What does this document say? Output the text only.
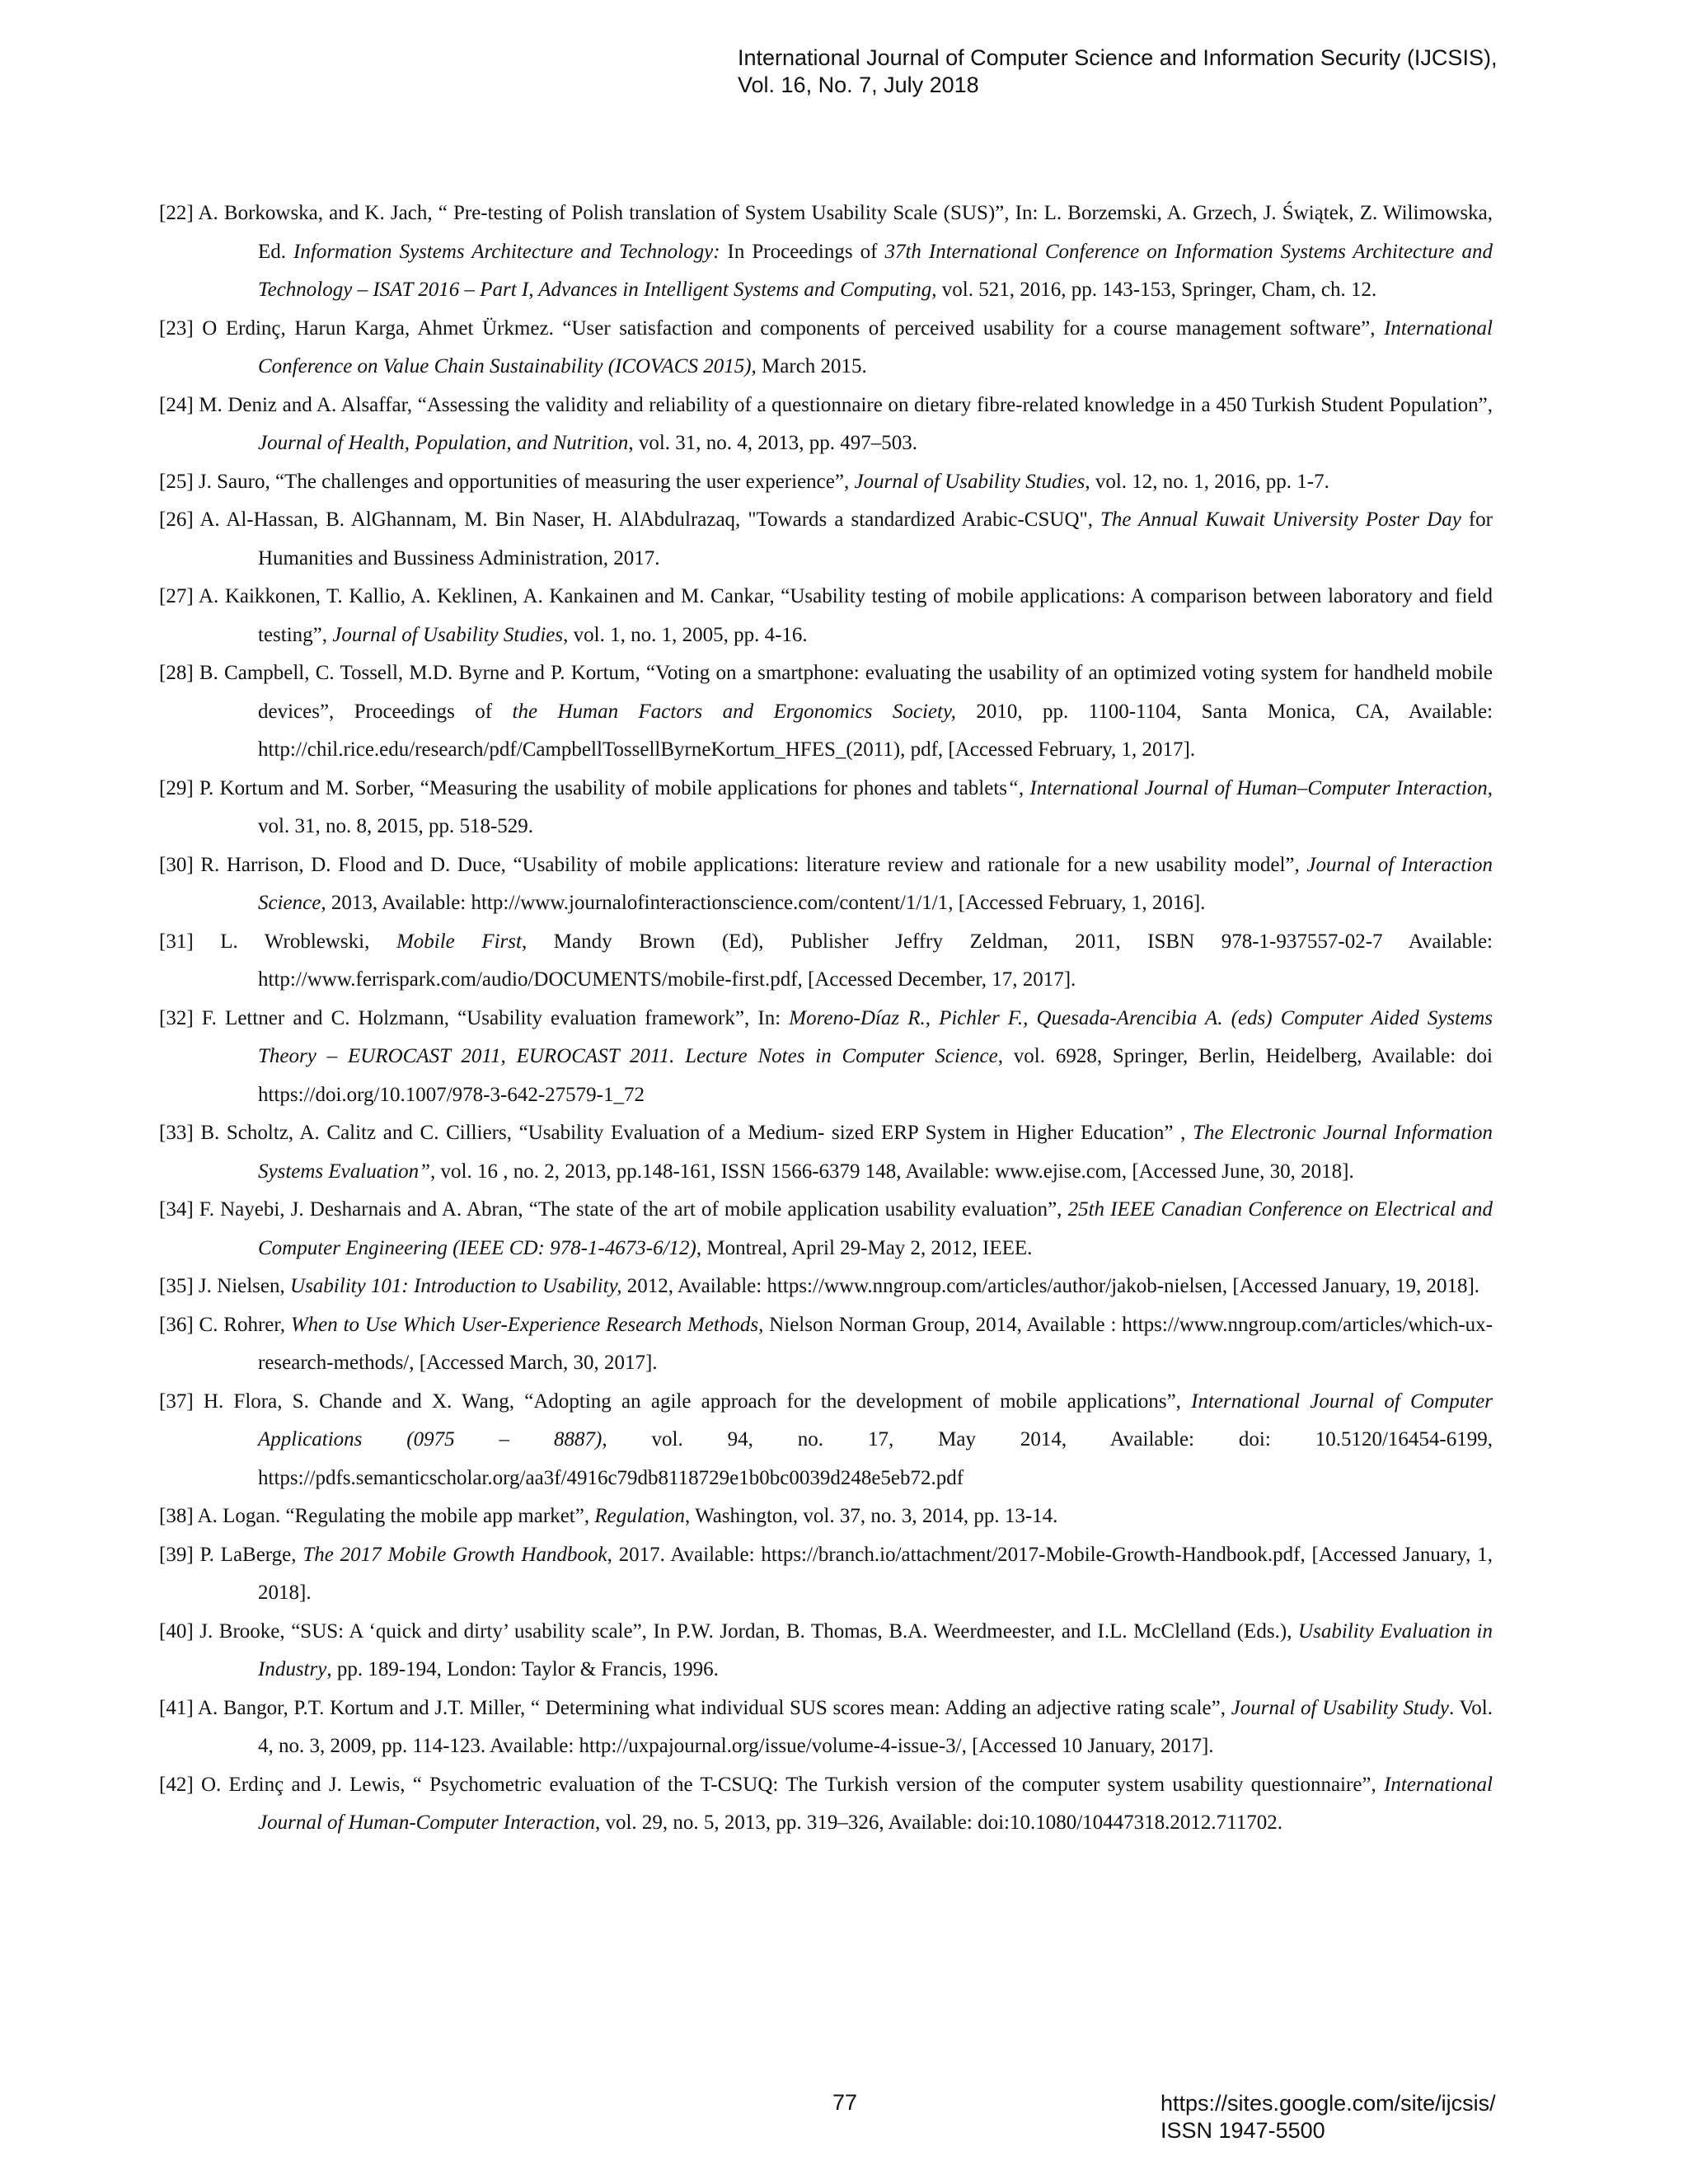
International Journal of Computer Science and Information Security (IJCSIS),
Vol. 16, No. 7, July 2018
[22] A. Borkowska, and K. Jach, “ Pre-testing of Polish translation of System Usability Scale (SUS)”, In: L. Borzemski, A. Grzech, J. Świątek, Z. Wilimowska, Ed. Information Systems Architecture and Technology: In Proceedings of 37th International Conference on Information Systems Architecture and Technology – ISAT 2016 – Part I, Advances in Intelligent Systems and Computing, vol. 521, 2016, pp. 143-153, Springer, Cham, ch. 12.
[23] O Erdinç, Harun Karga, Ahmet Ürkmez. “User satisfaction and components of perceived usability for a course management software”, International Conference on Value Chain Sustainability (ICOVACS 2015), March 2015.
[24] M. Deniz and A. Alsaffar, “Assessing the validity and reliability of a questionnaire on dietary fibre-related knowledge in a 450 Turkish Student Population”, Journal of Health, Population, and Nutrition, vol. 31, no. 4, 2013, pp. 497–503.
[25] J. Sauro, “The challenges and opportunities of measuring the user experience”, Journal of Usability Studies, vol. 12, no. 1, 2016, pp. 1-7.
[26] A. Al-Hassan, B. AlGhannam, M. Bin Naser, H. AlAbdulrazaq, "Towards a standardized Arabic-CSUQ", The Annual Kuwait University Poster Day for Humanities and Bussiness Administration, 2017.
[27] A. Kaikkonen, T. Kallio, A. Keklinen, A. Kankainen and M. Cankar, “Usability testing of mobile applications: A comparison between laboratory and field testing”, Journal of Usability Studies, vol. 1, no. 1, 2005, pp. 4-16.
[28] B. Campbell, C. Tossell, M.D. Byrne and P. Kortum, “Voting on a smartphone: evaluating the usability of an optimized voting system for handheld mobile devices”, Proceedings of the Human Factors and Ergonomics Society, 2010, pp. 1100-1104, Santa Monica, CA, Available: http://chil.rice.edu/research/pdf/CampbellTossellByrneKortum_HFES_(2011), pdf, [Accessed February, 1, 2017].
[29] P. Kortum and M. Sorber, “Measuring the usability of mobile applications for phones and tablets“, International Journal of Human–Computer Interaction, vol. 31, no. 8, 2015, pp. 518-529.
[30] R. Harrison, D. Flood and D. Duce, “Usability of mobile applications: literature review and rationale for a new usability model”, Journal of Interaction Science, 2013, Available: http://www.journalofinteractionscience.com/content/1/1/1, [Accessed February, 1, 2016].
[31] L. Wroblewski, Mobile First, Mandy Brown (Ed), Publisher Jeffry Zeldman, 2011, ISBN 978-1-937557-02-7 Available: http://www.ferrispark.com/audio/DOCUMENTS/mobile-first.pdf, [Accessed December, 17, 2017].
[32] F. Lettner and C. Holzmann, “Usability evaluation framework”, In: Moreno-Díaz R., Pichler F., Quesada-Arencibia A. (eds) Computer Aided Systems Theory – EUROCAST 2011, EUROCAST 2011. Lecture Notes in Computer Science, vol. 6928, Springer, Berlin, Heidelberg, Available: doi https://doi.org/10.1007/978-3-642-27579-1_72
[33] B. Scholtz, A. Calitz and C. Cilliers, “Usability Evaluation of a Medium- sized ERP System in Higher Education” , The Electronic Journal Information Systems Evaluation”, vol. 16 , no. 2, 2013, pp.148-161, ISSN 1566-6379 148, Available: www.ejise.com, [Accessed June, 30, 2018].
[34] F. Nayebi, J. Desharnais and A. Abran, “The state of the art of mobile application usability evaluation”, 25th IEEE Canadian Conference on Electrical and Computer Engineering (IEEE CD: 978-1-4673-6/12), Montreal, April 29-May 2, 2012, IEEE.
[35] J. Nielsen, Usability 101: Introduction to Usability, 2012, Available: https://www.nngroup.com/articles/author/jakob-nielsen, [Accessed January, 19, 2018].
[36] C. Rohrer, When to Use Which User-Experience Research Methods, Nielson Norman Group, 2014, Available : https://www.nngroup.com/articles/which-ux-research-methods/, [Accessed March, 30, 2017].
[37] H. Flora, S. Chande and X. Wang, “Adopting an agile approach for the development of mobile applications”, International Journal of Computer Applications (0975 – 8887), vol. 94, no. 17, May 2014, Available: doi: 10.5120/16454-6199, https://pdfs.semanticscholar.org/aa3f/4916c79db8118729e1b0bc0039d248e5eb72.pdf
[38] A. Logan. “Regulating the mobile app market”, Regulation, Washington, vol. 37, no. 3, 2014, pp. 13-14.
[39] P. LaBerge, The 2017 Mobile Growth Handbook, 2017. Available: https://branch.io/attachment/2017-Mobile-Growth-Handbook.pdf, [Accessed January, 1, 2018].
[40] J. Brooke, “SUS: A ‘quick and dirty’ usability scale”, In P.W. Jordan, B. Thomas, B.A. Weerdmeester, and I.L. McClelland (Eds.), Usability Evaluation in Industry, pp. 189-194, London: Taylor & Francis, 1996.
[41] A. Bangor, P.T. Kortum and J.T. Miller, “ Determining what individual SUS scores mean: Adding an adjective rating scale”, Journal of Usability Study. Vol. 4, no. 3, 2009, pp. 114-123. Available: http://uxpajournal.org/issue/volume-4-issue-3/, [Accessed 10 January, 2017].
[42] O. Erdinç and J. Lewis, “ Psychometric evaluation of the T-CSUQ: The Turkish version of the computer system usability questionnaire”, International Journal of Human-Computer Interaction, vol. 29, no. 5, 2013, pp. 319–326, Available: doi:10.1080/10447318.2012.711702.
77	https://sites.google.com/site/ijcsis/
ISSN 1947-5500
